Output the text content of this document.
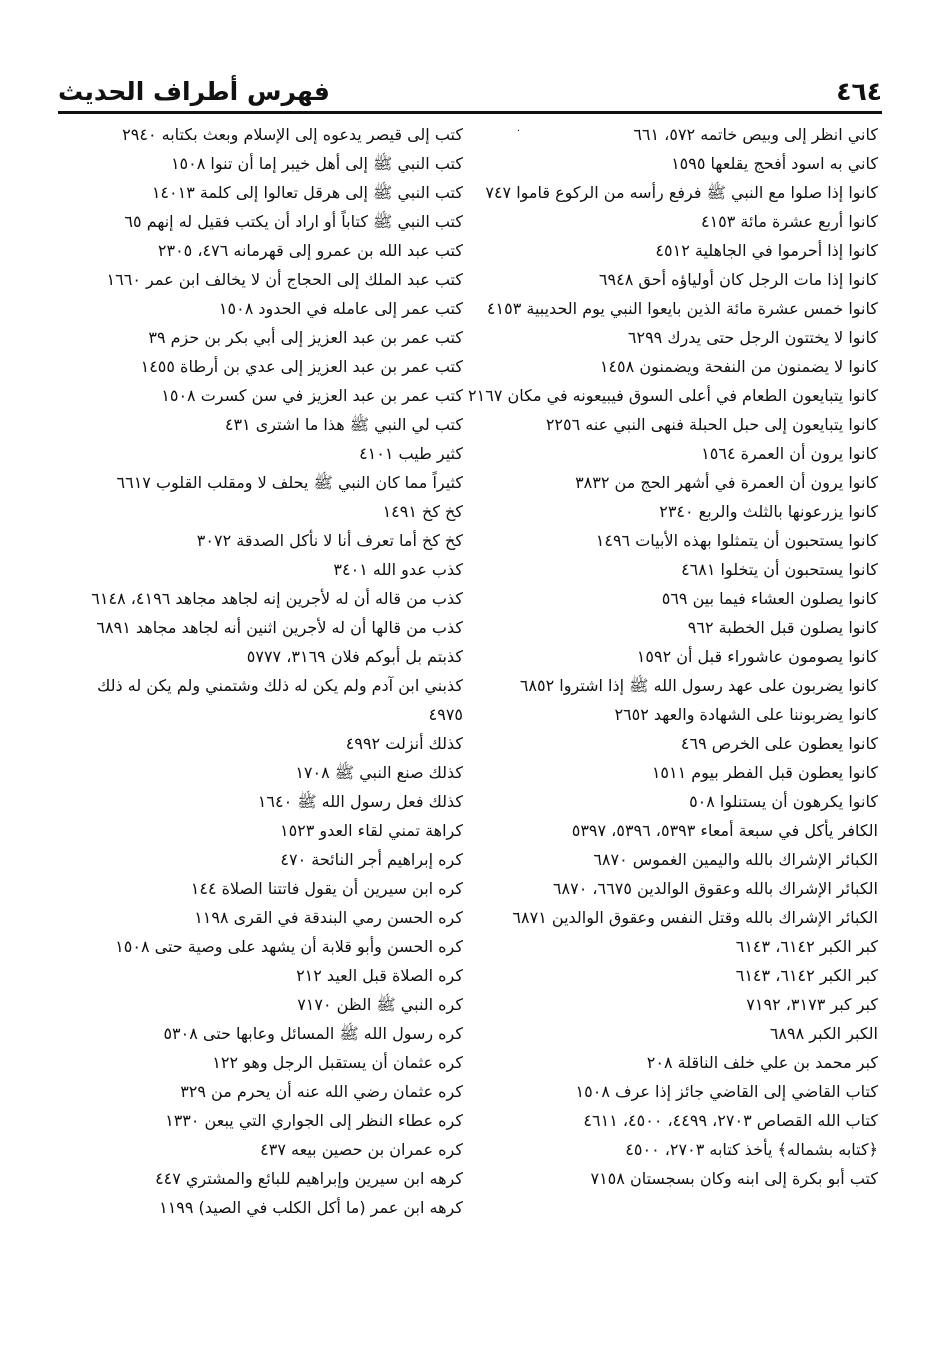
فهرس أطراف الحديث	٤٦٤
·	كاني انظر إلى وبيص خاتمه ٥٧٢، ٦٦١
كاني به اسود أفحج يقلعها ١٥٩٥
كانوا إذا صلوا مع النبي ﷺ فرفع رأسه من الركوع قاموا ٧٤٧
كانوا أربع عشرة مائة ٤١٥٣
كانوا إذا أحرموا في الجاهلية ٤٥١٢
كانوا إذا مات الرجل كان أولياؤه أحق ٦٩٤٨
كانوا خمس عشرة مائة الذين بايعوا النبي يوم الحديبية ٤١٥٣
كانوا لا يختتون الرجل حتى يدرك ٦٢٩٩
كانوا لا يضمنون من النفحة ويضمنون ١٤٥٨
كانوا يتبايعون الطعام في أعلى السوق فيبيعونه في مكان ٢١٦٧
كانوا يتبايعون إلى حبل الحبلة فنهى النبي عنه ٢٢٥٦
كانوا يرون أن العمرة ١٥٦٤
كانوا يرون أن العمرة في أشهر الحج من ٣٨٣٢
كانوا يزرعونها بالثلث والربع ٢٣٤٠
كانوا يستحبون أن يتمثلوا بهذه الأبيات ١٤٩٦
كانوا يستحبون أن يتخلوا ٤٦٨١
كانوا يصلون العشاء فيما بين ٥٦٩
كانوا يصلون قبل الخطبة ٩٦٢
كانوا يصومون عاشوراء قبل أن ١٥٩٢
كانوا يضربون على عهد رسول الله ﷺ إذا اشتروا ٦٨٥٢
كانوا يضربوننا على الشهادة والعهد ٢٦٥٢
كانوا يعطون على الخرص ٤٦٩
كانوا يعطون قبل الفطر بيوم ١٥١١
كانوا يكرهون أن يستنلوا ٥٠٨
الكافر يأكل في سبعة أمعاء ٥٣٩٣، ٥٣٩٦، ٥٣٩٧
الكبائر الإشراك بالله واليمين الغموس ٦٨٧٠
الكبائر الإشراك بالله وعقوق الوالدين ٦٦٧٥، ٦٨٧٠
الكبائر الإشراك بالله وقتل النفس وعقوق الوالدين ٦٨٧١
كبر الكبر ٦١٤٢، ٦١٤٣
كبر الكبر ٦١٤٢، ٦١٤٣
كبر كبر ٣١٧٣، ٧١٩٢
الكبر الكبر ٦٨٩٨
كبر محمد بن علي خلف الناقلة ٢٠٨
كتاب القاضي إلى القاضي جائز إذا عرف ١٥٠٨
كتاب الله القصاص ٢٧٠٣، ٤٤٩٩، ٤٥٠٠، ٤٦١١
﴿كتابه بشماله﴾ يأخذ كتابه ٢٧٠٣، ٤٥٠٠
كتب أبو بكرة إلى ابنه وكان بسجستان ٧١٥٨
كتب إلى قيصر يدعوه إلى الإسلام وبعث بكتابه ٢٩٤٠
كتب النبي ﷺ إلى أهل خيبر إما أن تنوا ١٥٠٨
كتب النبي ﷺ إلى هرقل تعالوا إلى كلمة ١٤٠١٣
كتب النبي ﷺ كتاباً أو اراد أن يكتب فقيل له إنهم ٦٥
كتب عبد الله بن عمرو إلى قهرمانه ٤٧٦، ٢٣٠٥
كتب عبد الملك إلى الحجاج أن لا يخالف ابن عمر ١٦٦٠
كتب عمر إلى عامله في الحدود ١٥٠٨
كتب عمر بن عبد العزيز إلى أبي بكر بن حزم ٣٩
كتب عمر بن عبد العزيز إلى عدي بن أرطاة ١٤٥٥
كتب عمر بن عبد العزيز في سن كسرت ١٥٠٨
كتب لي النبي ﷺ هذا ما اشترى ٤٣١
كثير طيب ٤١٠١
كثيراً مما كان النبي ﷺ يحلف لا ومقلب القلوب ٦٦١٧
كخ كخ ١٤٩١
كخ كخ أما تعرف أنا لا نأكل الصدقة ٣٠٧٢
كذب عدو الله ٣٤٠١
كذب من قاله أن له لأجرين إنه لجاهد مجاهد ٤١٩٦، ٦١٤٨
كذب من قالها أن له لأجرين اثنين أنه لجاهد مجاهد ٦٨٩١
كذبتم بل أبوكم فلان ٣١٦٩، ٥٧٧٧
كذبني ابن آدم ولم يكن له ذلك وشتمني ولم يكن له ذلك ٤٩٧٥
كذلك أنزلت ٤٩٩٢
كذلك صنع النبي ﷺ ١٧٠٨
كذلك فعل رسول الله ﷺ ١٦٤٠
كراهة تمني لقاء العدو ١٥٢٣
كره إبراهيم أجر النائحة ٤٧٠
كره ابن سيرين أن يقول فاتتنا الصلاة ١٤٤
كره الحسن رمي البندقة في القرى ١١٩٨
كره الحسن وأبو قلابة أن يشهد على وصية حتى ١٥٠٨
كره الصلاة قبل العيد ٢١٢
كره النبي ﷺ الظن ٧١٧٠
كره رسول الله ﷺ المسائل وعابها حتى ٥٣٠٨
كره عثمان أن يستقبل الرجل وهو ١٢٢
كره عثمان رضي الله عنه أن يحرم من ٣٢٩
كره عطاء النظر إلى الجواري التي يبعن ١٣٣٠
كره عمران بن حصين بيعه ٤٣٧
كرهه ابن سيرين وإبراهيم للبائع والمشتري ٤٤٧
كرهه ابن عمر (ما أكل الكلب في الصيد) ١١٩٩
